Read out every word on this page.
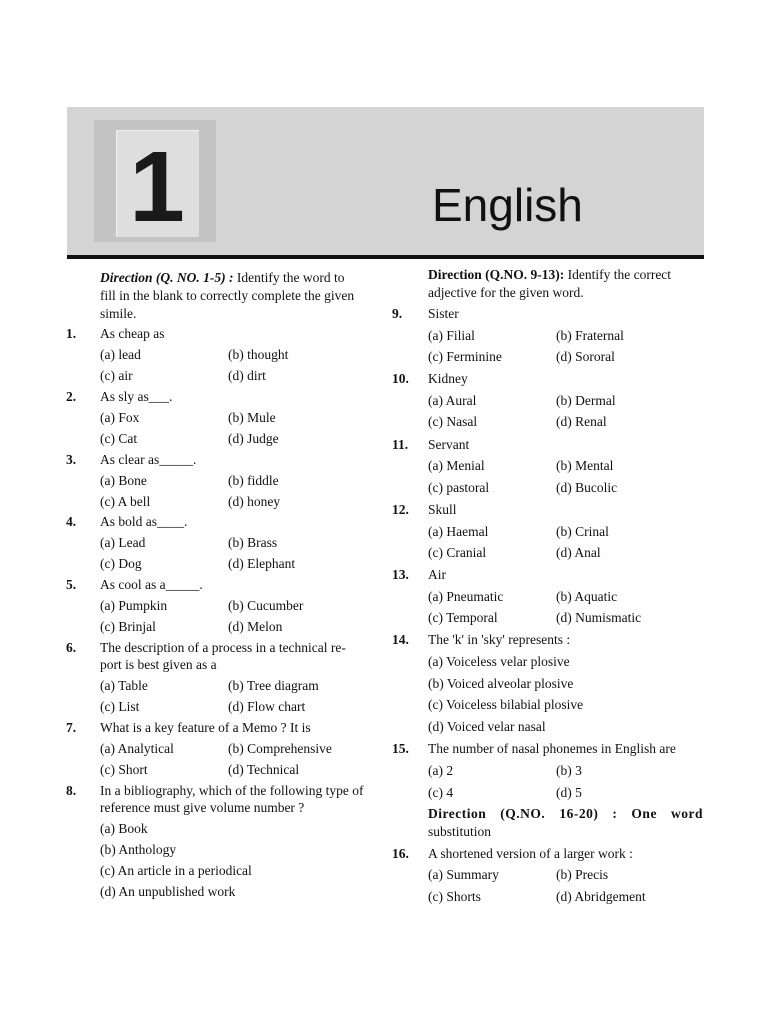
1	English
Direction (Q. NO. 1-5) : Identify the word to
fill in the blank to correctly complete the given
simile.
1. As cheap as
(a) lead	(b) thought
(c) air	(d) dirt
2. As sly as___.
(a) Fox	(b) Mule
(c) Cat	(d) Judge
3. As clear as_____.
(a) Bone	(b) fiddle
(c) A bell	(d) honey
4. As bold as____.
(a) Lead	(b) Brass
(c) Dog	(d) Elephant
5. As cool as a_____.
(a) Pumpkin	(b) Cucumber
(c) Brinjal	(d) Melon
6. The description of a process in a technical re-
port is best given as a
(a) Table	(b) Tree diagram
(c) List	(d) Flow chart
7. What is a key feature of a Memo ? It is
(a) Analytical	(b) Comprehensive
(c) Short	(d) Technical
8. In a bibliography, which of the following type of
reference must give volume number ?
(a) Book
(b) Anthology
(c) An article in a periodical
(d) An unpublished work
Direction (Q.NO. 9-13): Identify the correct
adjective for the given word.
9. Sister
(a) Filial	(b) Fraternal
(c) Ferminine	(d) Sororal
10. Kidney
(a) Aural	(b) Dermal
(c) Nasal	(d) Renal
11. Servant
(a) Menial	(b) Mental
(c) pastoral	(d) Bucolic
12. Skull
(a) Haemal	(b) Crinal
(c) Cranial	(d) Anal
13. Air
(a) Pneumatic	(b) Aquatic
(c) Temporal	(d) Numismatic
14. The 'k' in 'sky' represents :
(a) Voiceless velar plosive
(b) Voiced alveolar plosive
(c) Voiceless bilabial plosive
(d) Voiced velar nasal
15. The number of nasal phonemes in English are
(a) 2	(b) 3
(c) 4	(d) 5
Direction (Q.NO. 16-20) : One word
substitution
16. A shortened version of a larger work :
(a) Summary	(b) Precis
(c) Shorts	(d) Abridgement
